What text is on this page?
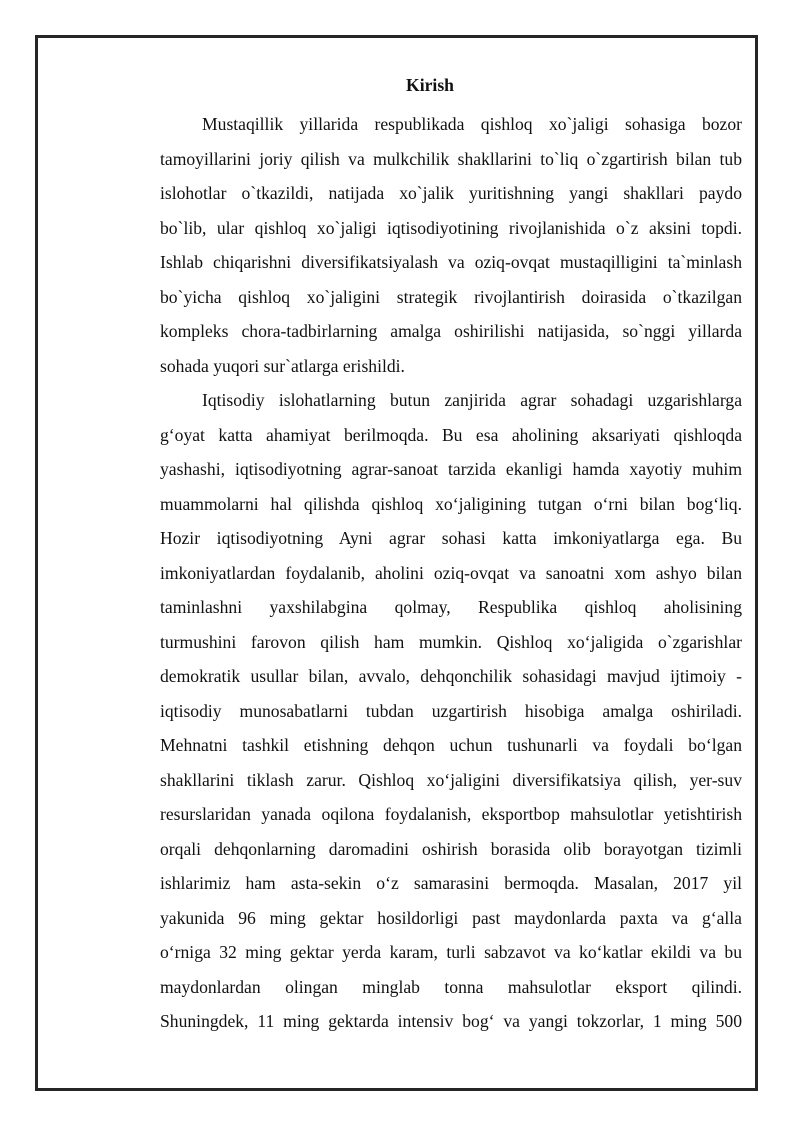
Kirish
Mustaqillik yillarida respublikada qishloq xo`jaligi sohasiga bozor
tamoyillarini joriy qilish va mulkchilik shakllarini to`liq o`zgartirish bilan tub
islohotlar o`tkazildi, natijada xo`jalik yuritishning yangi shakllari paydo
bo`lib, ular qishloq xo`jaligi iqtisodiyotining rivojlanishida o`z aksini topdi.
Ishlab chiqarishni diversifikatsiyalash va oziq-ovqat mustaqilligini ta`minlash
bo`yicha qishloq xo`jaligini strategik rivojlantirish doirasida o`tkazilgan
kompleks chora-tadbirlarning amalga oshirilishi natijasida, so`nggi yillarda
sohada yuqori sur`atlarga erishildi.
Iqtisodiy islohatlarning butun zanjirida agrar sohadagi uzgarishlarga
g‘oyat katta ahamiyat berilmoqda. Bu esa aholining aksariyati qishloqda
yashashi, iqtisodiyotning agrar-sanoat tarzida ekanligi hamda xayotiy muhim
muammolarni hal qilishda qishloq xo‘jaligining tutgan o‘rni bilan bog‘liq.
Hozir iqtisodiyotning Ayni agrar sohasi katta imkoniyatlarga ega. Bu
imkoniyatlardan foydalanib, aholini oziq-ovqat va sanoatni xom ashyo bilan
taminlashni yaxshilabgina qolmay, Respublika qishloq aholisining
turmushini farovon qilish ham mumkin. Qishloq xo‘jaligida o`zgarishlar
demokratik usullar bilan, avvalo, dehqonchilik sohasidagi mavjud ijtimoiy -
iqtisodiy munosabatlarni tubdan uzgartirish hisobiga amalga oshiriladi.
Mehnatni tashkil etishning dehqon uchun tushunarli va foydali bo‘lgan
shakllarini tiklash zarur. Qishloq xo‘jaligini diversifikatsiya qilish, yer-suv
resurslaridan yanada oqilona foydalanish, eksportbop mahsulotlar yetishtirish
orqali dehqonlarning daromadini oshirish borasida olib borayotgan tizimli
ishlarimiz ham asta-sekin o‘z samarasini bermoqda. Masalan, 2017 yil
yakunida 96 ming gektar hosildorligi past maydonlarda paxta va g‘alla
o‘rniga 32 ming gektar yerda karam, turli sabzavot va ko‘katlar ekildi va bu
maydonlardan olingan minglab tonna mahsulotlar eksport qilindi.
Shuningdek, 11 ming gektarda intensiv bog‘ va yangi tokzorlar, 1 ming 500
